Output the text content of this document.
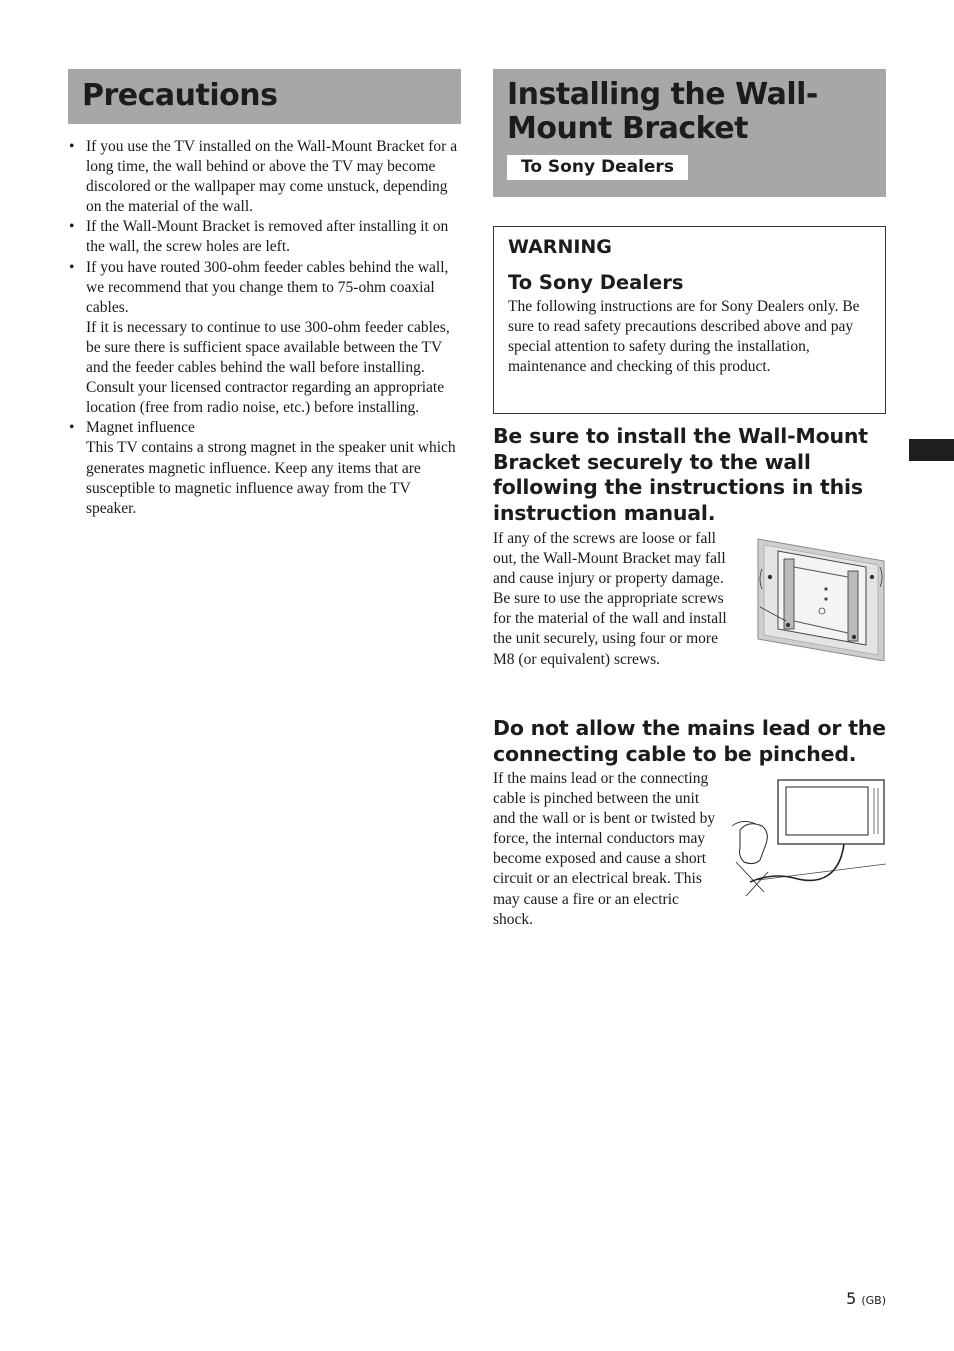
Precautions
• If you use the TV installed on the Wall-Mount Bracket for a long time, the wall behind or above the TV may become discolored or the wallpaper may come unstuck, depending on the material of the wall.

• If the Wall-Mount Bracket is removed after installing it on the wall, the screw holes are left.

• If you have routed 300-ohm feeder cables behind the wall, we recommend that you change them to 75-ohm coaxial cables.

If it is necessary to continue to use 300-ohm feeder cables, be sure there is sufficient space available between the TV and the feeder cables behind the wall before installing. Consult your licensed contractor regarding an appropriate location (free from radio noise, etc.) before installing.

• Magnet influence

This TV contains a strong magnet in the speaker unit which generates magnetic influence. Keep any items that are susceptible to magnetic influence away from the TV speaker.

Installing the Wall-
Mount Bracket
To Sony Dealers
WARNING
To Sony Dealers

The following instructions are for Sony Dealers only. Be sure to read safety precautions described above and pay special attention to safety during the installation, maintenance and checking of this product.

Be sure to install the Wall-Mount Bracket securely to the wall following the instructions in this instruction manual.

If any of the screws are loose or fall out, the Wall-Mount Bracket may fall and cause injury or property damage. Be sure to use the appropriate screws for the material of the wall and install the unit securely, using four or more M8 (or equivalent) screws.

Do not allow the mains lead or the connecting cable to be pinched.

If the mains lead or the connecting cable is pinched between the unit and the wall or is bent or twisted by force, the internal conductors may become exposed and cause a short circuit or an electrical break. This may cause a fire or an electric shock.

5 (GB)
